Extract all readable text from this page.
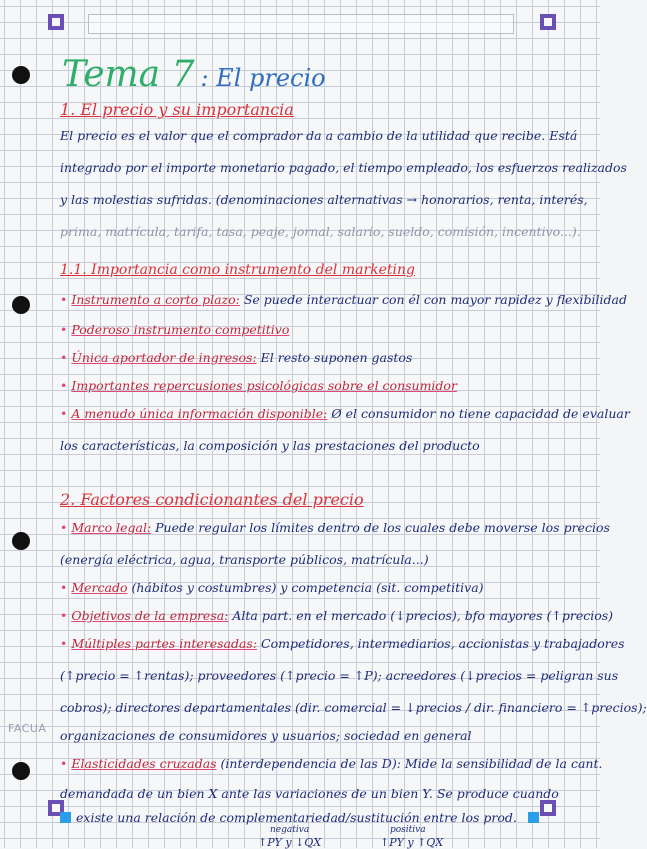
Tema 7 : El precio
1. El precio y su importancia
El precio es el valor que el comprador da a cambio de la utilidad que recibe. Está
integrado por el importe monetario pagado, el tiempo empleado, los esfuerzos realizados
y las molestias sufridas. (denominaciones alternativas → honorarios, renta, interés,
prima, matrícula, tarifa, tasa, peaje, jornal, salario, sueldo, comisión, incentivo...).
1.1. Importancia como instrumento del marketing
• Instrumento a corto plazo: Se puede interactuar con él con mayor rapidez y flexibilidad
• Poderoso instrumento competitivo
• Única aportador de ingresos: El resto suponen gastos
• Importantes repercusiones psicológicas sobre el consumidor
• A menudo única información disponible: Ø el consumidor no tiene capacidad de evaluar
los características, la composición y las prestaciones del producto
2. Factores condicionantes del precio
• Marco legal: Puede regular los límites dentro de los cuales debe moverse los precios
(energía eléctrica, agua, transporte públicos, matrícula...)
• Mercado (hábitos y costumbres) y competencia (sit. competitiva)
• Objetivos de la empresa: Alta part. en el mercado (↓precios), bfo mayores (↑precios)
• Múltiples partes interesadas: Competidores, intermediarios, accionistas y trabajadores
(↑precio = ↑rentas); proveedores (↑precio = ↑P); acreedores (↓precios = peligran sus
cobros); directores departamentales (dir. comercial = ↓precios / dir. financiero = ↑precios);
organizaciones de consumidores y usuarios; sociedad en general
• Elasticidades cruzadas (interdependencia de las D): Mide la sensibilidad de la cant.
demandada de un bien X ante las variaciones de un bien Y. Se produce cuando
existe una relación de complementariedad/sustitución entre los prod.
FACUA
negativa	positiva
↑PY y ↓QX	↑PY y ↑QX
